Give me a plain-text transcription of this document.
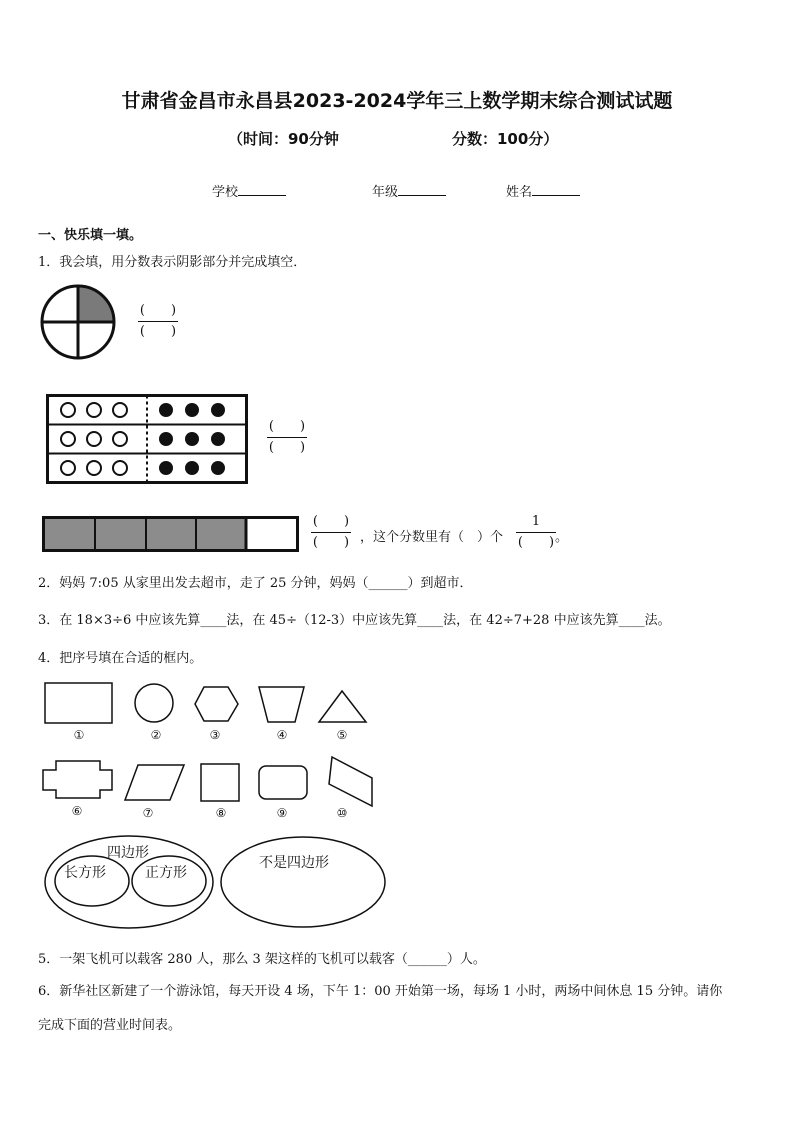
甘肃省金昌市永昌县2023-2024学年三上数学期末综合测试试题
（时间：90分钟	分数：100分）
学校	年级	姓名
一、快乐填一填。
1．我会填，用分数表示阴影部分并完成填空．
(　　)
(　　)
(　　)
(　　)
(　　)
(　　) ，这个分数里有（　）个
1
(　　) 。
2．妈妈 7:05 从家里出发去超市，走了 25 分钟，妈妈（______）到超市．
3．在 18×3÷6 中应该先算____法，在 45÷（12-3）中应该先算____法，在 42÷7+28 中应该先算____法。
4．把序号填在合适的框内。
①	②	③	④	⑤
⑥	⑦	⑧	⑨	⑩
四边形
长方形	正方形
不是四边形
5．一架飞机可以载客 280 人，那么 3 架这样的飞机可以载客（______）人。
6．新华社区新建了一个游泳馆，每天开设 4 场，下午 1：00 开始第一场，每场 1 小时，两场中间休息 15 分钟。请你
完成下面的营业时间表。
